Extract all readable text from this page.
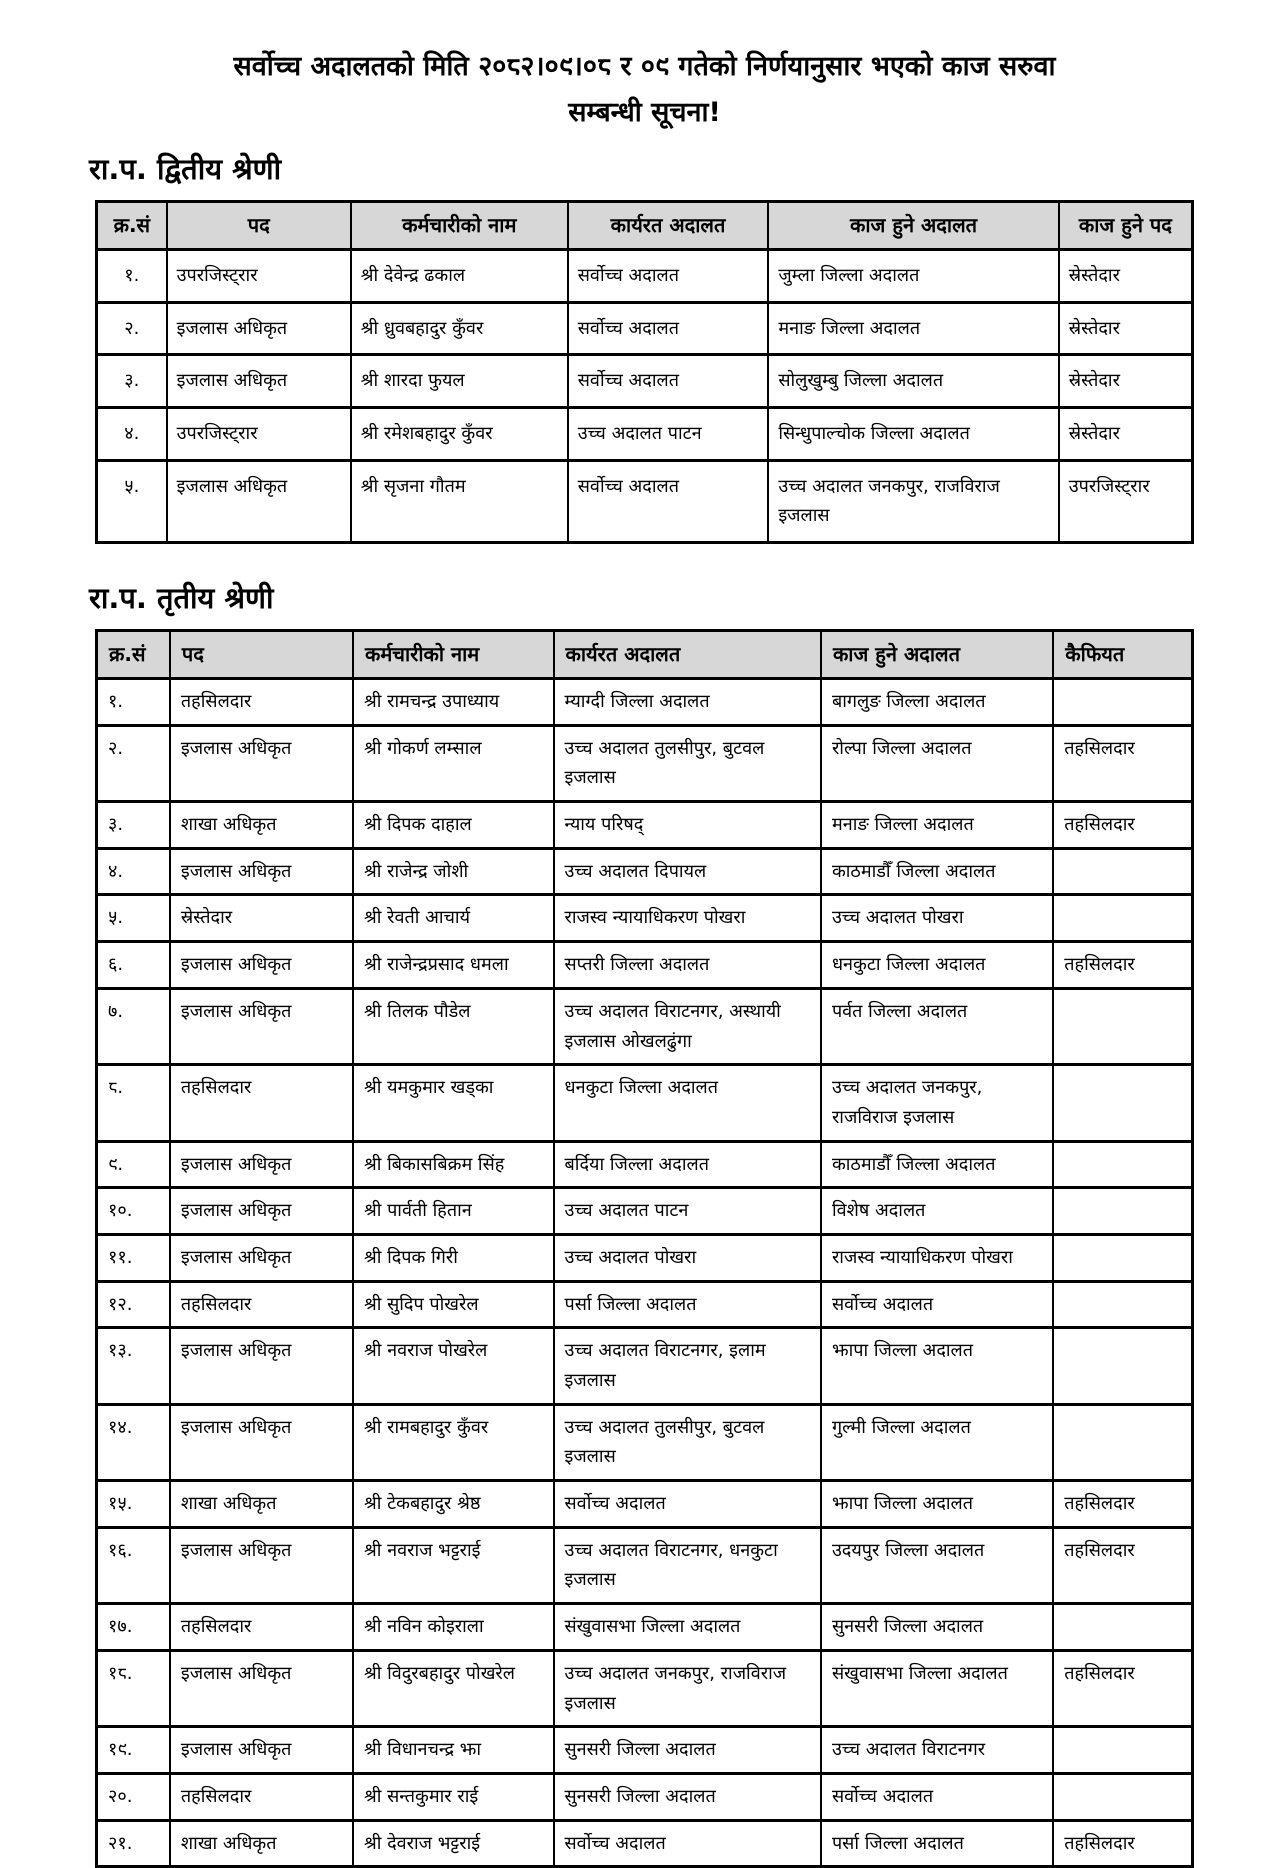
सर्वोच्च अदालतको मिति २०८२।०९।०८ र ०९ गतेको निर्णयानुसार भएको काज सरुवा
सम्बन्धी सूचना!
रा.प. द्वितीय श्रेणी
क्र.सं	पद	कर्मचारीको नाम	कार्यरत अदालत	काज हुने अदालत	काज हुने पद
१.	उपरजिस्ट्रार	श्री देवेन्द्र ढकाल	सर्वोच्च अदालत	जुम्ला जिल्ला अदालत	स्रेस्तेदार
२.	इजलास अधिकृत	श्री ध्रुवबहादुर कुँवर	सर्वोच्च अदालत	मनाङ जिल्ला अदालत	स्रेस्तेदार
३.	इजलास अधिकृत	श्री शारदा फुयल	सर्वोच्च अदालत	सोलुखुम्बु जिल्ला अदालत	स्रेस्तेदार
४.	उपरजिस्ट्रार	श्री रमेशबहादुर कुँवर	उच्च अदालत पाटन	सिन्धुपाल्चोक जिल्ला अदालत	स्रेस्तेदार
५.	इजलास अधिकृत	श्री सृजना गौतम	सर्वोच्च अदालत	उच्च अदालत जनकपुर, राजविराज इजलास	उपरजिस्ट्रार
रा.प. तृतीय श्रेणी
क्र.सं	पद	कर्मचारीको नाम	कार्यरत अदालत	काज हुने अदालत	कैफियत
१.	तहसिलदार	श्री रामचन्द्र उपाध्याय	म्याग्दी जिल्ला अदालत	बागलुङ जिल्ला अदालत	
२.	इजलास अधिकृत	श्री गोकर्ण लम्साल	उच्च अदालत तुलसीपुर, बुटवल इजलास	रोल्पा जिल्ला अदालत	तहसिलदार
३.	शाखा अधिकृत	श्री दिपक दाहाल	न्याय परिषद्	मनाङ जिल्ला अदालत	तहसिलदार
४.	इजलास अधिकृत	श्री राजेन्द्र जोशी	उच्च अदालत दिपायल	काठमाडौँ जिल्ला अदालत	
५.	स्रेस्तेदार	श्री रेवती आचार्य	राजस्व न्यायाधिकरण पोखरा	उच्च अदालत पोखरा	
६.	इजलास अधिकृत	श्री राजेन्द्रप्रसाद धमला	सप्तरी जिल्ला अदालत	धनकुटा जिल्ला अदालत	तहसिलदार
७.	इजलास अधिकृत	श्री तिलक पौडेल	उच्च अदालत विराटनगर, अस्थायी इजलास ओखलढुंगा	पर्वत जिल्ला अदालत	
८.	तहसिलदार	श्री यमकुमार खड्का	धनकुटा जिल्ला अदालत	उच्च अदालत जनकपुर, राजविराज इजलास	
९.	इजलास अधिकृत	श्री बिकासबिक्रम सिंह	बर्दिया जिल्ला अदालत	काठमाडौँ जिल्ला अदालत	
१०.	इजलास अधिकृत	श्री पार्वती हितान	उच्च अदालत पाटन	विशेष अदालत	
११.	इजलास अधिकृत	श्री दिपक गिरी	उच्च अदालत पोखरा	राजस्व न्यायाधिकरण पोखरा	
१२.	तहसिलदार	श्री सुदिप पोखरेल	पर्सा जिल्ला अदालत	सर्वोच्च अदालत	
१३.	इजलास अधिकृत	श्री नवराज पोखरेल	उच्च अदालत विराटनगर, इलाम इजलास	झापा जिल्ला अदालत	
१४.	इजलास अधिकृत	श्री रामबहादुर कुँवर	उच्च अदालत तुलसीपुर, बुटवल इजलास	गुल्मी जिल्ला अदालत	
१५.	शाखा अधिकृत	श्री टेकबहादुर श्रेष्ठ	सर्वोच्च अदालत	झापा जिल्ला अदालत	तहसिलदार
१६.	इजलास अधिकृत	श्री नवराज भट्टराई	उच्च अदालत विराटनगर, धनकुटा इजलास	उदयपुर जिल्ला अदालत	तहसिलदार
१७.	तहसिलदार	श्री नविन कोइराला	संखुवासभा जिल्ला अदालत	सुनसरी जिल्ला अदालत	
१८.	इजलास अधिकृत	श्री विदुरबहादुर पोखरेल	उच्च अदालत जनकपुर, राजविराज इजलास	संखुवासभा जिल्ला अदालत	तहसिलदार
१९.	इजलास अधिकृत	श्री विधानचन्द्र झा	सुनसरी जिल्ला अदालत	उच्च अदालत विराटनगर	
२०.	तहसिलदार	श्री सन्तकुमार राई	सुनसरी जिल्ला अदालत	सर्वोच्च अदालत	
२१.	शाखा अधिकृत	श्री देवराज भट्टराई	सर्वोच्च अदालत	पर्सा जिल्ला अदालत	तहसिलदार
